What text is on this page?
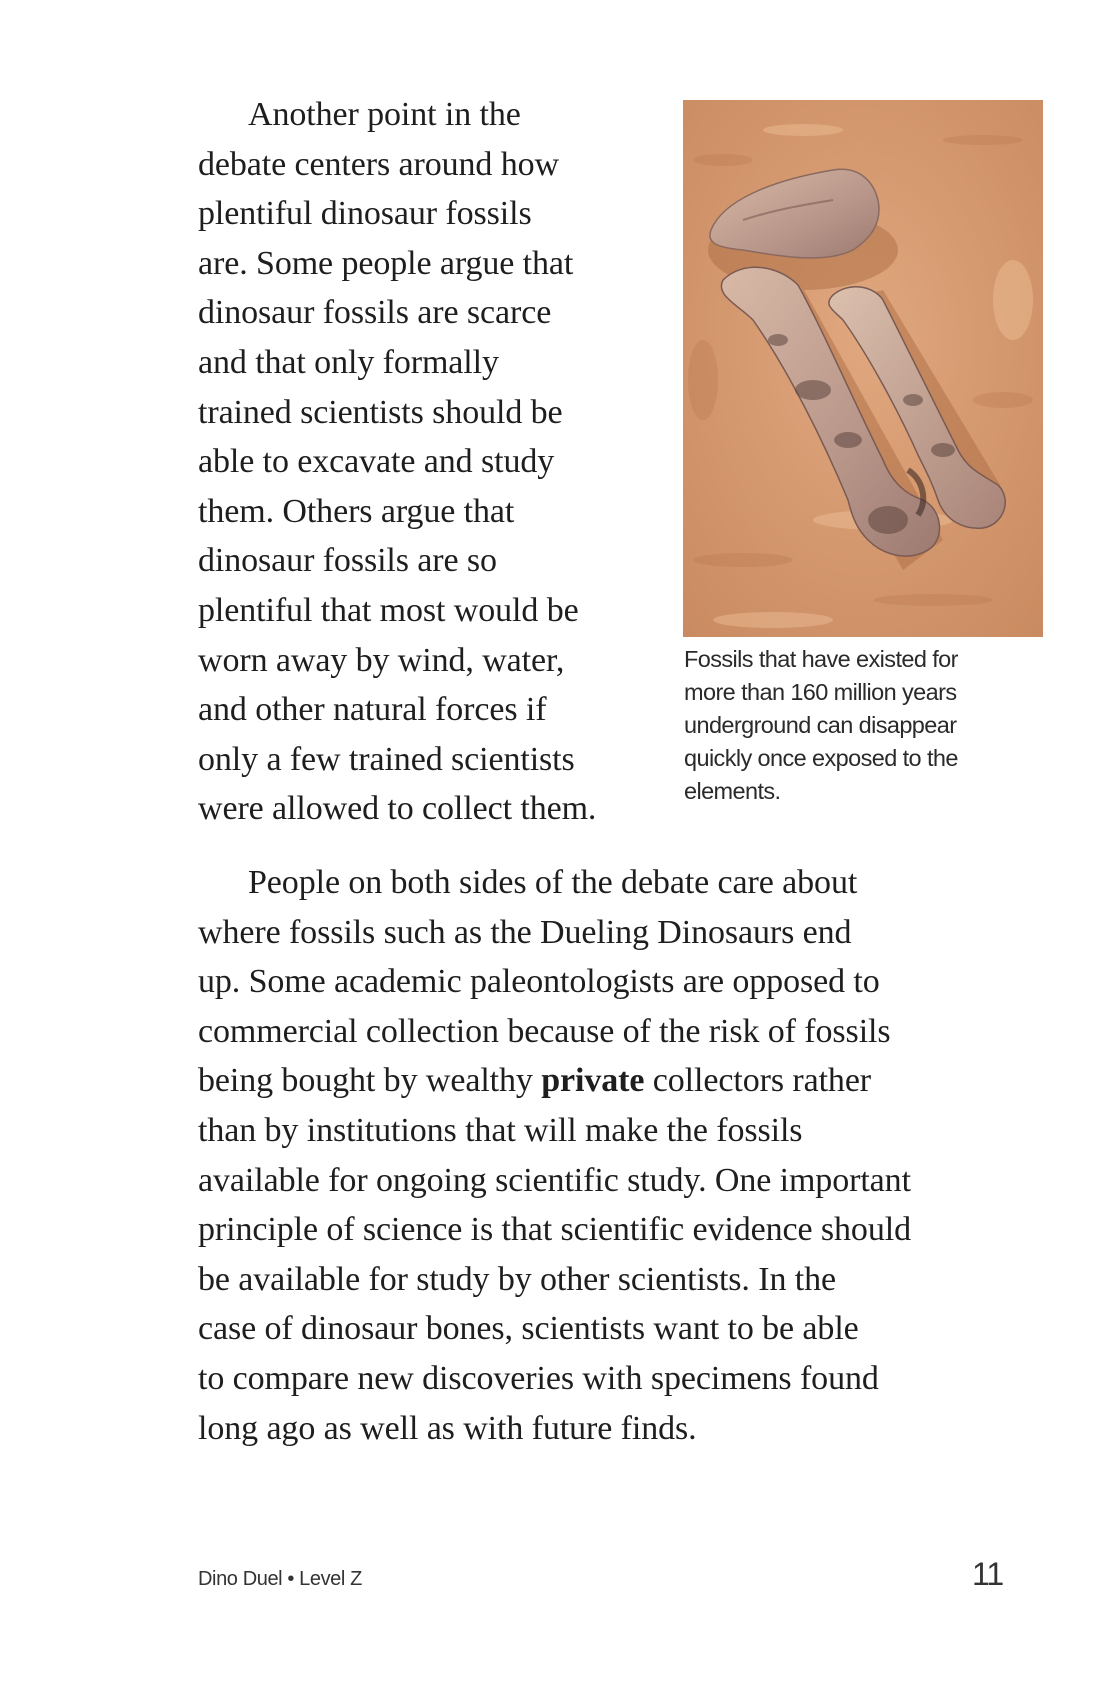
Another point in the
debate centers around how
plentiful dinosaur fossils
are. Some people argue that
dinosaur fossils are scarce
and that only formally
trained scientists should be
able to excavate and study
them. Others argue that
dinosaur fossils are so
plentiful that most would be
worn away by wind, water,
and other natural forces if
only a few trained scientists
were allowed to collect them.

Fossils that have existed for
more than 160 million years
underground can disappear
quickly once exposed to the
elements.

People on both sides of the debate care about
where fossils such as the Dueling Dinosaurs end
up. Some academic paleontologists are opposed to
commercial collection because of the risk of fossils
being bought by wealthy private collectors rather
than by institutions that will make the fossils
available for ongoing scientific study. One important
principle of science is that scientific evidence should
be available for study by other scientists. In the
case of dinosaur bones, scientists want to be able
to compare new discoveries with specimens found
long ago as well as with future finds.

Dino Duel • Level Z	11
